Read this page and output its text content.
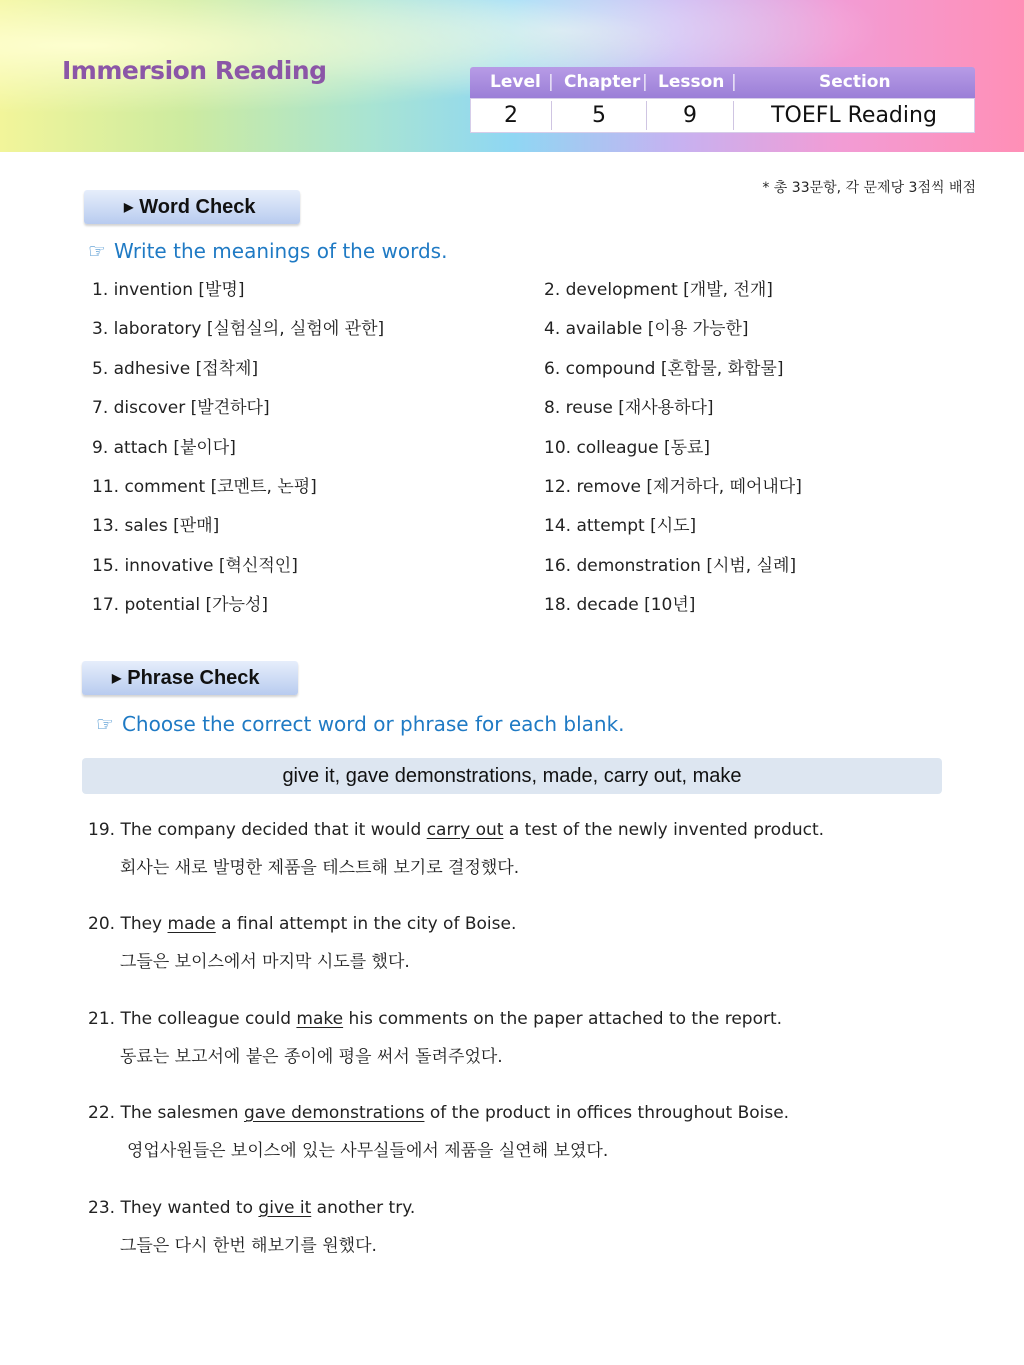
Immersion Reading	Level | Chapter | Lesson |	Section
2	5	9	TOEFL Reading
* 총 33문항, 각 문제당 3점씩 배점
▶ Word Check
☞ Write the meanings of the words.
1. invention [발명]	2. development [개발, 전개]
3. laboratory [실험실의, 실험에 관한]	4. available [이용 가능한]
5. adhesive [접착제]	6. compound [혼합물, 화합물]
7. discover [발견하다]	8. reuse [재사용하다]
9. attach [붙이다]	10. colleague [동료]
11. comment [코멘트, 논평]	12. remove [제거하다, 떼어내다]
13. sales [판매]	14. attempt [시도]
15. innovative [혁신적인]	16. demonstration [시범, 실례]
17. potential [가능성]	18. decade [10년]
▶ Phrase Check
☞ Choose the correct word or phrase for each blank.
give it, gave demonstrations, made, carry out, make
19. The company decided that it would carry out a test of the newly invented product.
회사는 새로 발명한 제품을 테스트해 보기로 결정했다.
20. They made a final attempt in the city of Boise.
그들은 보이스에서 마지막 시도를 했다.
21. The colleague could make his comments on the paper attached to the report.
동료는 보고서에 붙은 종이에 평을 써서 돌려주었다.
22. The salesmen gave demonstrations of the product in offices throughout Boise.
영업사원들은 보이스에 있는 사무실들에서 제품을 실연해 보였다.
23. They wanted to give it another try.
그들은 다시 한번 해보기를 원했다.
